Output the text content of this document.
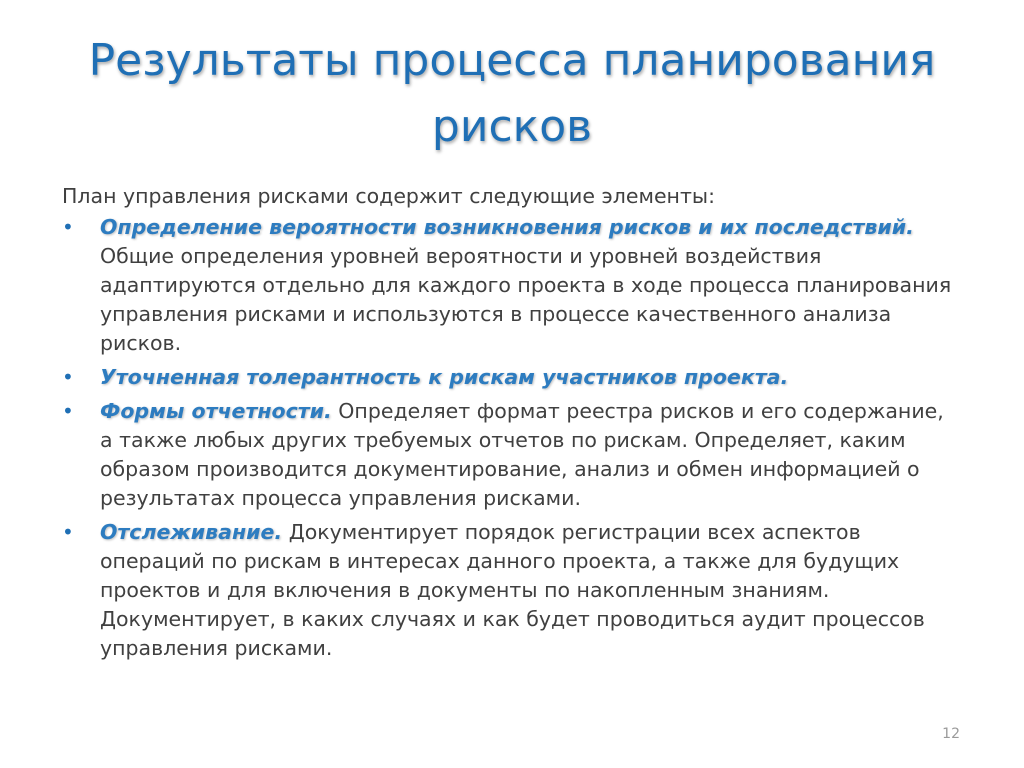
Результаты процесса планирования рисков

План управления рисками содержит следующие элементы:

• Определение вероятности возникновения рисков и их последствий. Общие определения уровней вероятности и уровней воздействия адаптируются отдельно для каждого проекта в ходе процесса планирования управления рисками и используются в процессе качественного анализа рисков.
• Уточненная толерантность к рискам участников проекта.
• Формы отчетности. Определяет формат реестра рисков и его содержание, а также любых других требуемых отчетов по рискам. Определяет, каким образом производится документирование, анализ и обмен информацией о результатах процесса управления рисками.
• Отслеживание. Документирует порядок регистрации всех аспектов операций по рискам в интересах данного проекта, а также для будущих проектов и для включения в документы по накопленным знаниям. Документирует, в каких случаях и как будет проводиться аудит процессов управления рисками.
12
